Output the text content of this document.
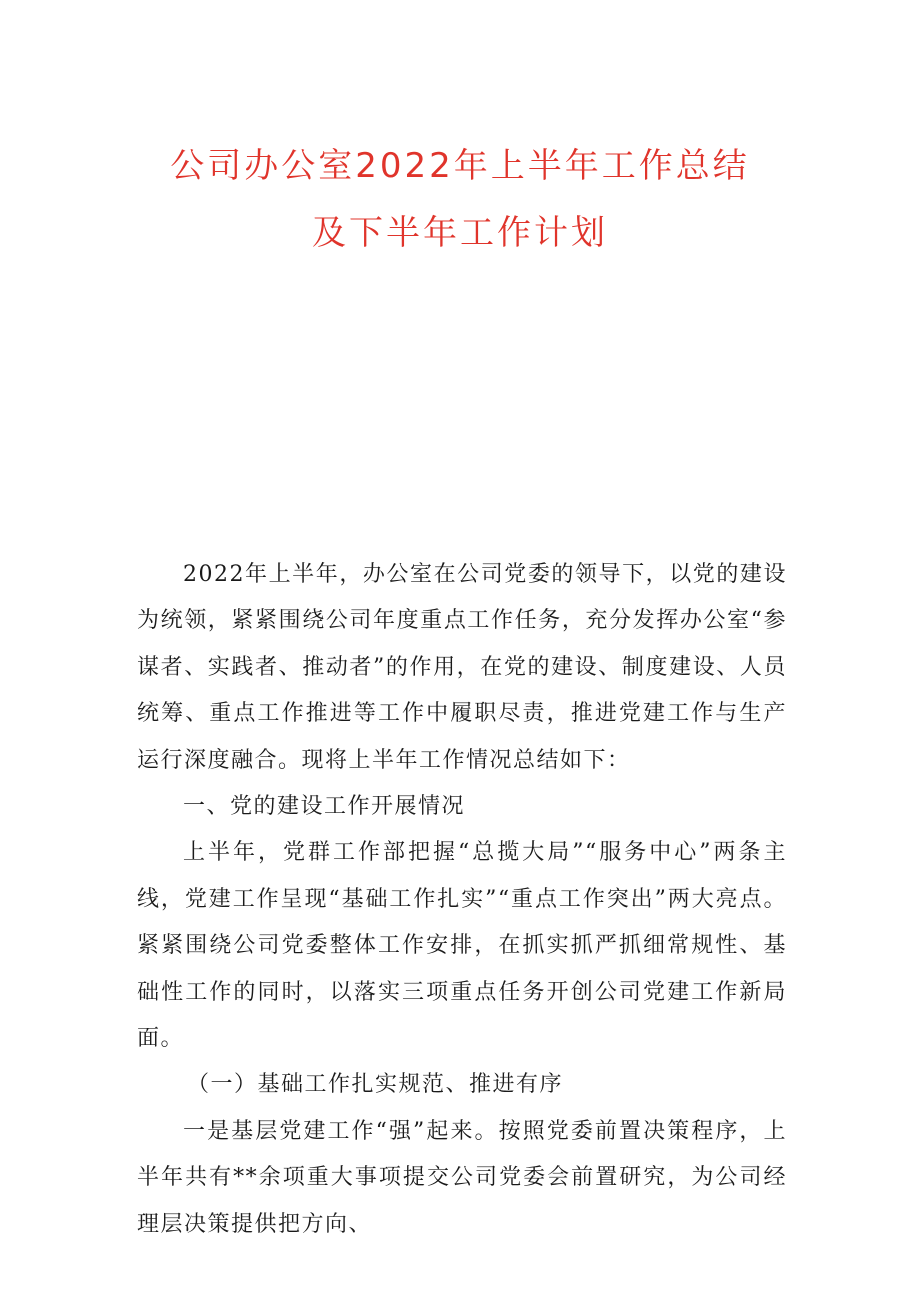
公司办公室2022年上半年工作总结
及下半年工作计划

2022年上半年，办公室在公司党委的领导下，以党的建设为统领，紧紧围绕公司年度重点工作任务，充分发挥办公室“参谋者、实践者、推动者”的作用，在党的建设、制度建设、人员统筹、重点工作推进等工作中履职尽责，推进党建工作与生产运行深度融合。现将上半年工作情况总结如下：

一、党的建设工作开展情况

上半年，党群工作部把握“总揽大局”“服务中心”两条主线，党建工作呈现“基础工作扎实”“重点工作突出”两大亮点。紧紧围绕公司党委整体工作安排，在抓实抓严抓细常规性、基础性工作的同时，以落实三项重点任务开创公司党建工作新局面。

（一）基础工作扎实规范、推进有序

一是基层党建工作“强”起来。按照党委前置决策程序，上半年共有**余项重大事项提交公司党委会前置研究，为公司经理层决策提供把方向、
